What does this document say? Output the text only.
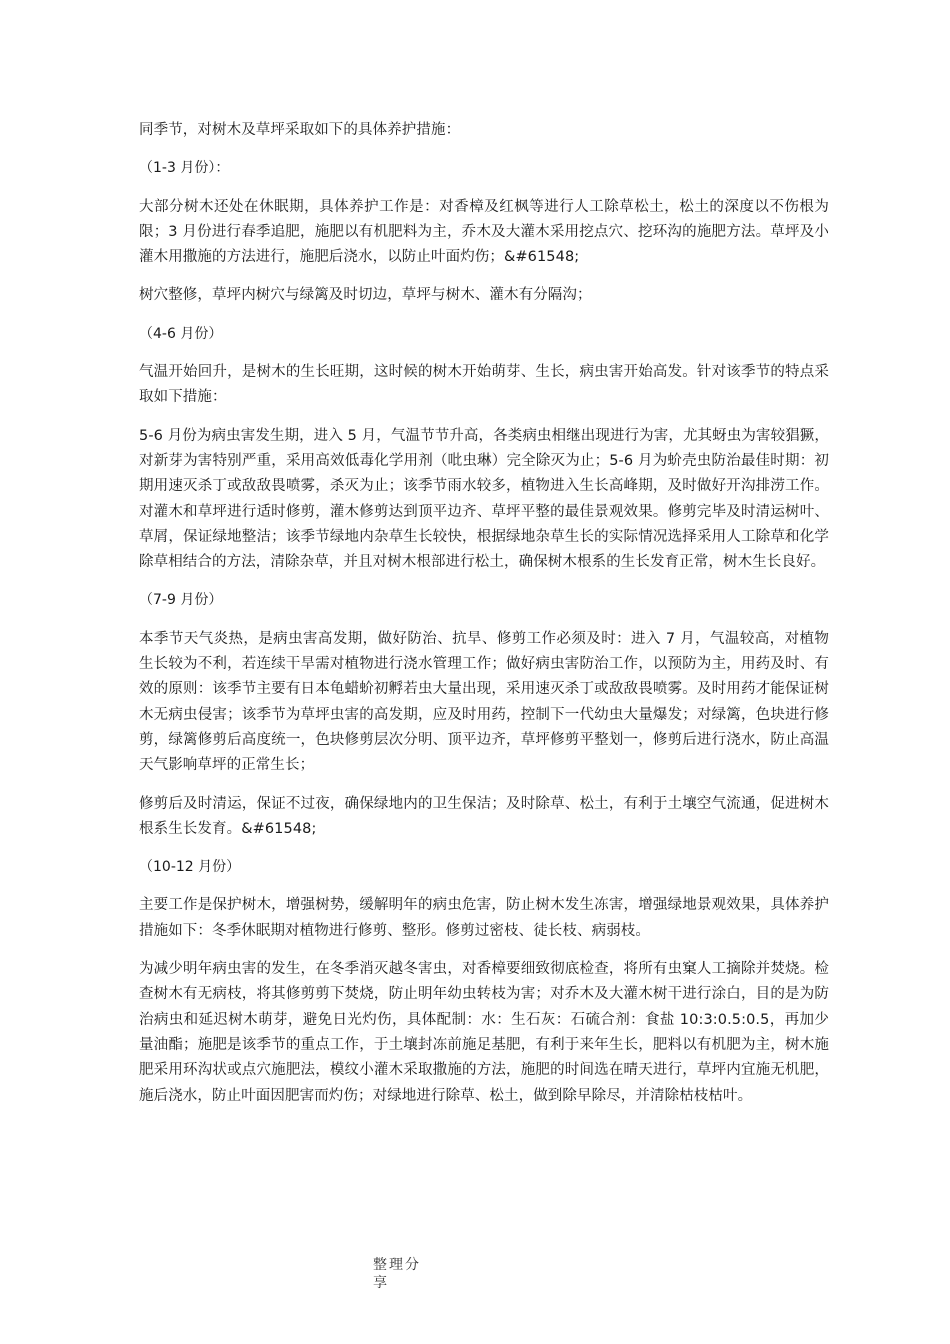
同季节，对树木及草坪采取如下的具体养护措施：

（1-3 月份）：

大部分树木还处在休眠期，具体养护工作是：对香樟及红枫等进行人工除草松土，松土的深度以不伤根为限；3 月份进行春季追肥，施肥以有机肥料为主，乔木及大灌木采用挖点穴、挖环沟的施肥方法。草坪及小灌木用撒施的方法进行，施肥后浇水，以防止叶面灼伤；&#61548;

树穴整修，草坪内树穴与绿篱及时切边，草坪与树木、灌木有分隔沟；

（4-6 月份）

气温开始回升，是树木的生长旺期，这时候的树木开始萌芽、生长，病虫害开始高发。针对该季节的特点采取如下措施：

5-6 月份为病虫害发生期，进入 5 月，气温节节升高，各类病虫相继出现进行为害，尤其蚜虫为害较猖獗，对新芽为害特别严重，采用高效低毒化学用剂（吡虫琳）完全除灭为止；5-6 月为蚧壳虫防治最佳时期：初期用速灭杀丁或敌敌畏喷雾，杀灭为止；该季节雨水较多，植物进入生长高峰期，及时做好开沟排涝工作。对灌木和草坪进行适时修剪，灌木修剪达到顶平边齐、草坪平整的最佳景观效果。修剪完毕及时清运树叶、草屑，保证绿地整洁；该季节绿地内杂草生长较快，根据绿地杂草生长的实际情况选择采用人工除草和化学除草相结合的方法，清除杂草，并且对树木根部进行松土，确保树木根系的生长发育正常，树木生长良好。

（7-9 月份）

本季节天气炎热，是病虫害高发期，做好防治、抗旱、修剪工作必须及时：进入 7 月，气温较高，对植物生长较为不利，若连续干旱需对植物进行浇水管理工作；做好病虫害防治工作，以预防为主，用药及时、有效的原则：该季节主要有日本龟蜡蚧初孵若虫大量出现，采用速灭杀丁或敌敌畏喷雾。及时用药才能保证树木无病虫侵害；该季节为草坪虫害的高发期，应及时用药，控制下一代幼虫大量爆发；对绿篱，色块进行修剪，绿篱修剪后高度统一，色块修剪层次分明、顶平边齐，草坪修剪平整划一，修剪后进行浇水，防止高温天气影响草坪的正常生长；

修剪后及时清运，保证不过夜，确保绿地内的卫生保洁；及时除草、松土，有利于土壤空气流通，促进树木根系生长发育。&#61548;

（10-12 月份）

主要工作是保护树木，增强树势，缓解明年的病虫危害，防止树木发生冻害，增强绿地景观效果，具体养护措施如下：冬季休眠期对植物进行修剪、整形。修剪过密枝、徒长枝、病弱枝。

为减少明年病虫害的发生，在冬季消灭越冬害虫，对香樟要细致彻底检查，将所有虫窠人工摘除并焚烧。检查树木有无病枝，将其修剪剪下焚烧，防止明年幼虫转枝为害；对乔木及大灌木树干进行涂白，目的是为防治病虫和延迟树木萌芽，避免日光灼伤，具体配制：水：生石灰：石硫合剂：食盐 10:3:0.5:0.5，再加少量油酯；施肥是该季节的重点工作，于土壤封冻前施足基肥，有利于来年生长，肥料以有机肥为主，树木施肥采用环沟状或点穴施肥法，模纹小灌木采取撒施的方法，施肥的时间选在晴天进行，草坪内宜施无机肥，施后浇水，防止叶面因肥害而灼伤；对绿地进行除草、松土，做到除早除尽，并清除枯枝枯叶。

整理分享
